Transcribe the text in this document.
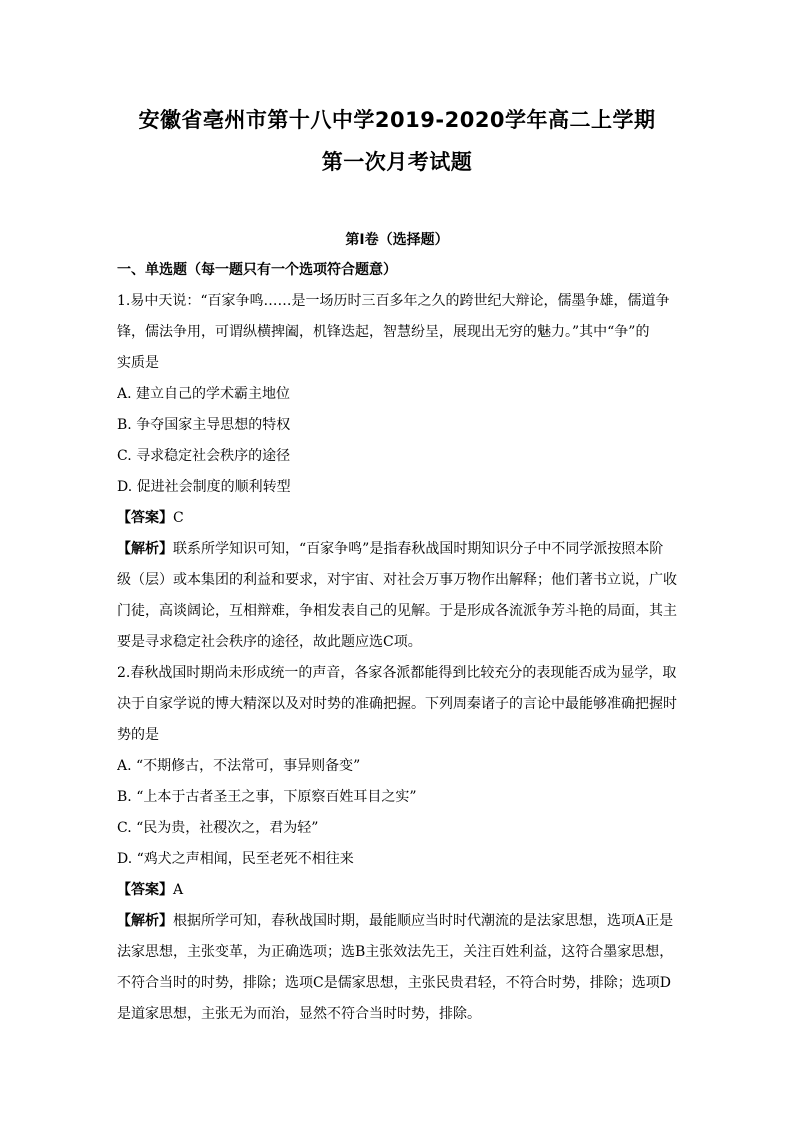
安徽省亳州市第十八中学2019-2020学年高二上学期
第一次月考试题
第I卷（选择题）
一、单选题（每一题只有一个选项符合题意）
1.易中天说：“百家争鸣……是一场历时三百多年之久的跨世纪大辩论，儒墨争雄，儒道争
锋，儒法争用，可谓纵横捭阖，机锋迭起，智慧纷呈，展现出无穷的魅力。”其中“争”的
实质是
A. 建立自己的学术霸主地位
B. 争夺国家主导思想的特权
C. 寻求稳定社会秩序的途径
D. 促进社会制度的顺利转型
【答案】C
【解析】联系所学知识可知，“百家争鸣”是指春秋战国时期知识分子中不同学派按照本阶
级（层）或本集团的利益和要求，对宇宙、对社会万事万物作出解释；他们著书立说，广收
门徒，高谈阔论，互相辩难，争相发表自己的见解。于是形成各流派争芳斗艳的局面，其主
要是寻求稳定社会秩序的途径，故此题应选C项。
2.春秋战国时期尚未形成统一的声音，各家各派都能得到比较充分的表现能否成为显学，取
决于自家学说的博大精深以及对时势的准确把握。下列周秦诸子的言论中最能够准确把握时
势的是
A. “不期修古，不法常可，事异则备变”
B. “上本于古者圣王之事，下原察百姓耳目之实”
C. “民为贵，社稷次之，君为轻”
D. “鸡犬之声相闻，民至老死不相往来
【答案】A
【解析】根据所学可知，春秋战国时期，最能顺应当时时代潮流的是法家思想，选项A正是
法家思想，主张变革，为正确选项；选B主张效法先王，关注百姓利益，这符合墨家思想，
不符合当时的时势，排除；选项C是儒家思想，主张民贵君轻，不符合时势，排除；选项D
是道家思想，主张无为而治，显然不符合当时时势，排除。
